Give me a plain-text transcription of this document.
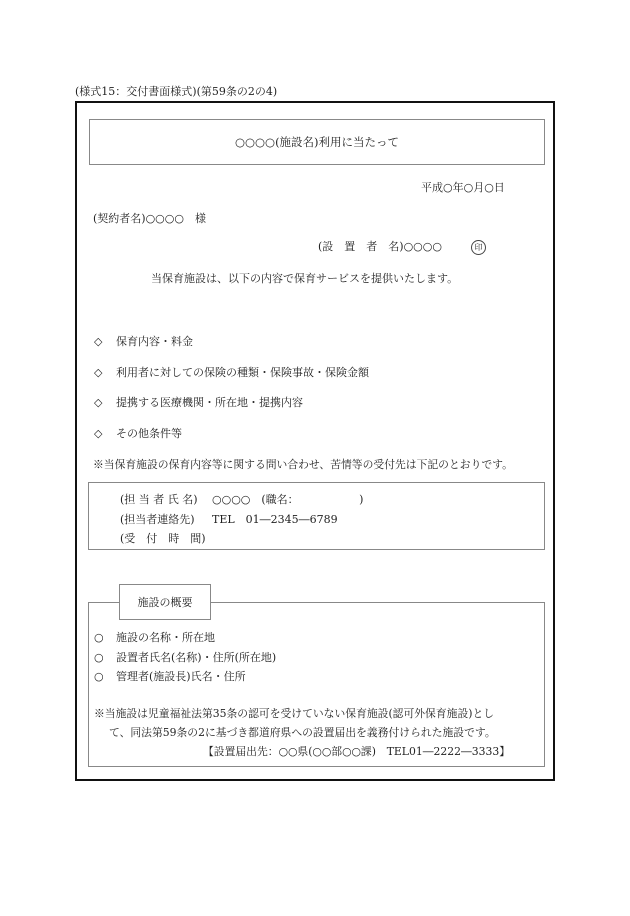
(様式15：交付書面様式)(第59条の2の4)
○○○○(施設名)利用に当たって
平成○年○月○日
(契約者名)○○○○　様
(設　置　者　名)○○○○	印
当保育施設は、以下の内容で保育サービスを提供いたします。
◇ 保育内容・料金
◇ 利用者に対しての保険の種類・保険事故・保険金額
◇ 提携する医療機関・所在地・提携内容
◇ その他条件等
※当保育施設の保育内容等に関する問い合わせ、苦情等の受付先は下記のとおりです。
(担 当 者 氏 名) ○○○○　(職名：　　　　　　)
(担当者連絡先) TEL　01―2345―6789
(受　付　時　間)
施設の概要
○ 施設の名称・所在地
○ 設置者氏名(名称)・住所(所在地)
○ 管理者(施設長)氏名・住所
※当施設は児童福祉法第35条の認可を受けていない保育施設(認可外保育施設)とし
て、同法第59条の2に基づき都道府県への設置届出を義務付けられた施設です。
【設置届出先：○○県(○○部○○課)　TEL01―2222―3333】
